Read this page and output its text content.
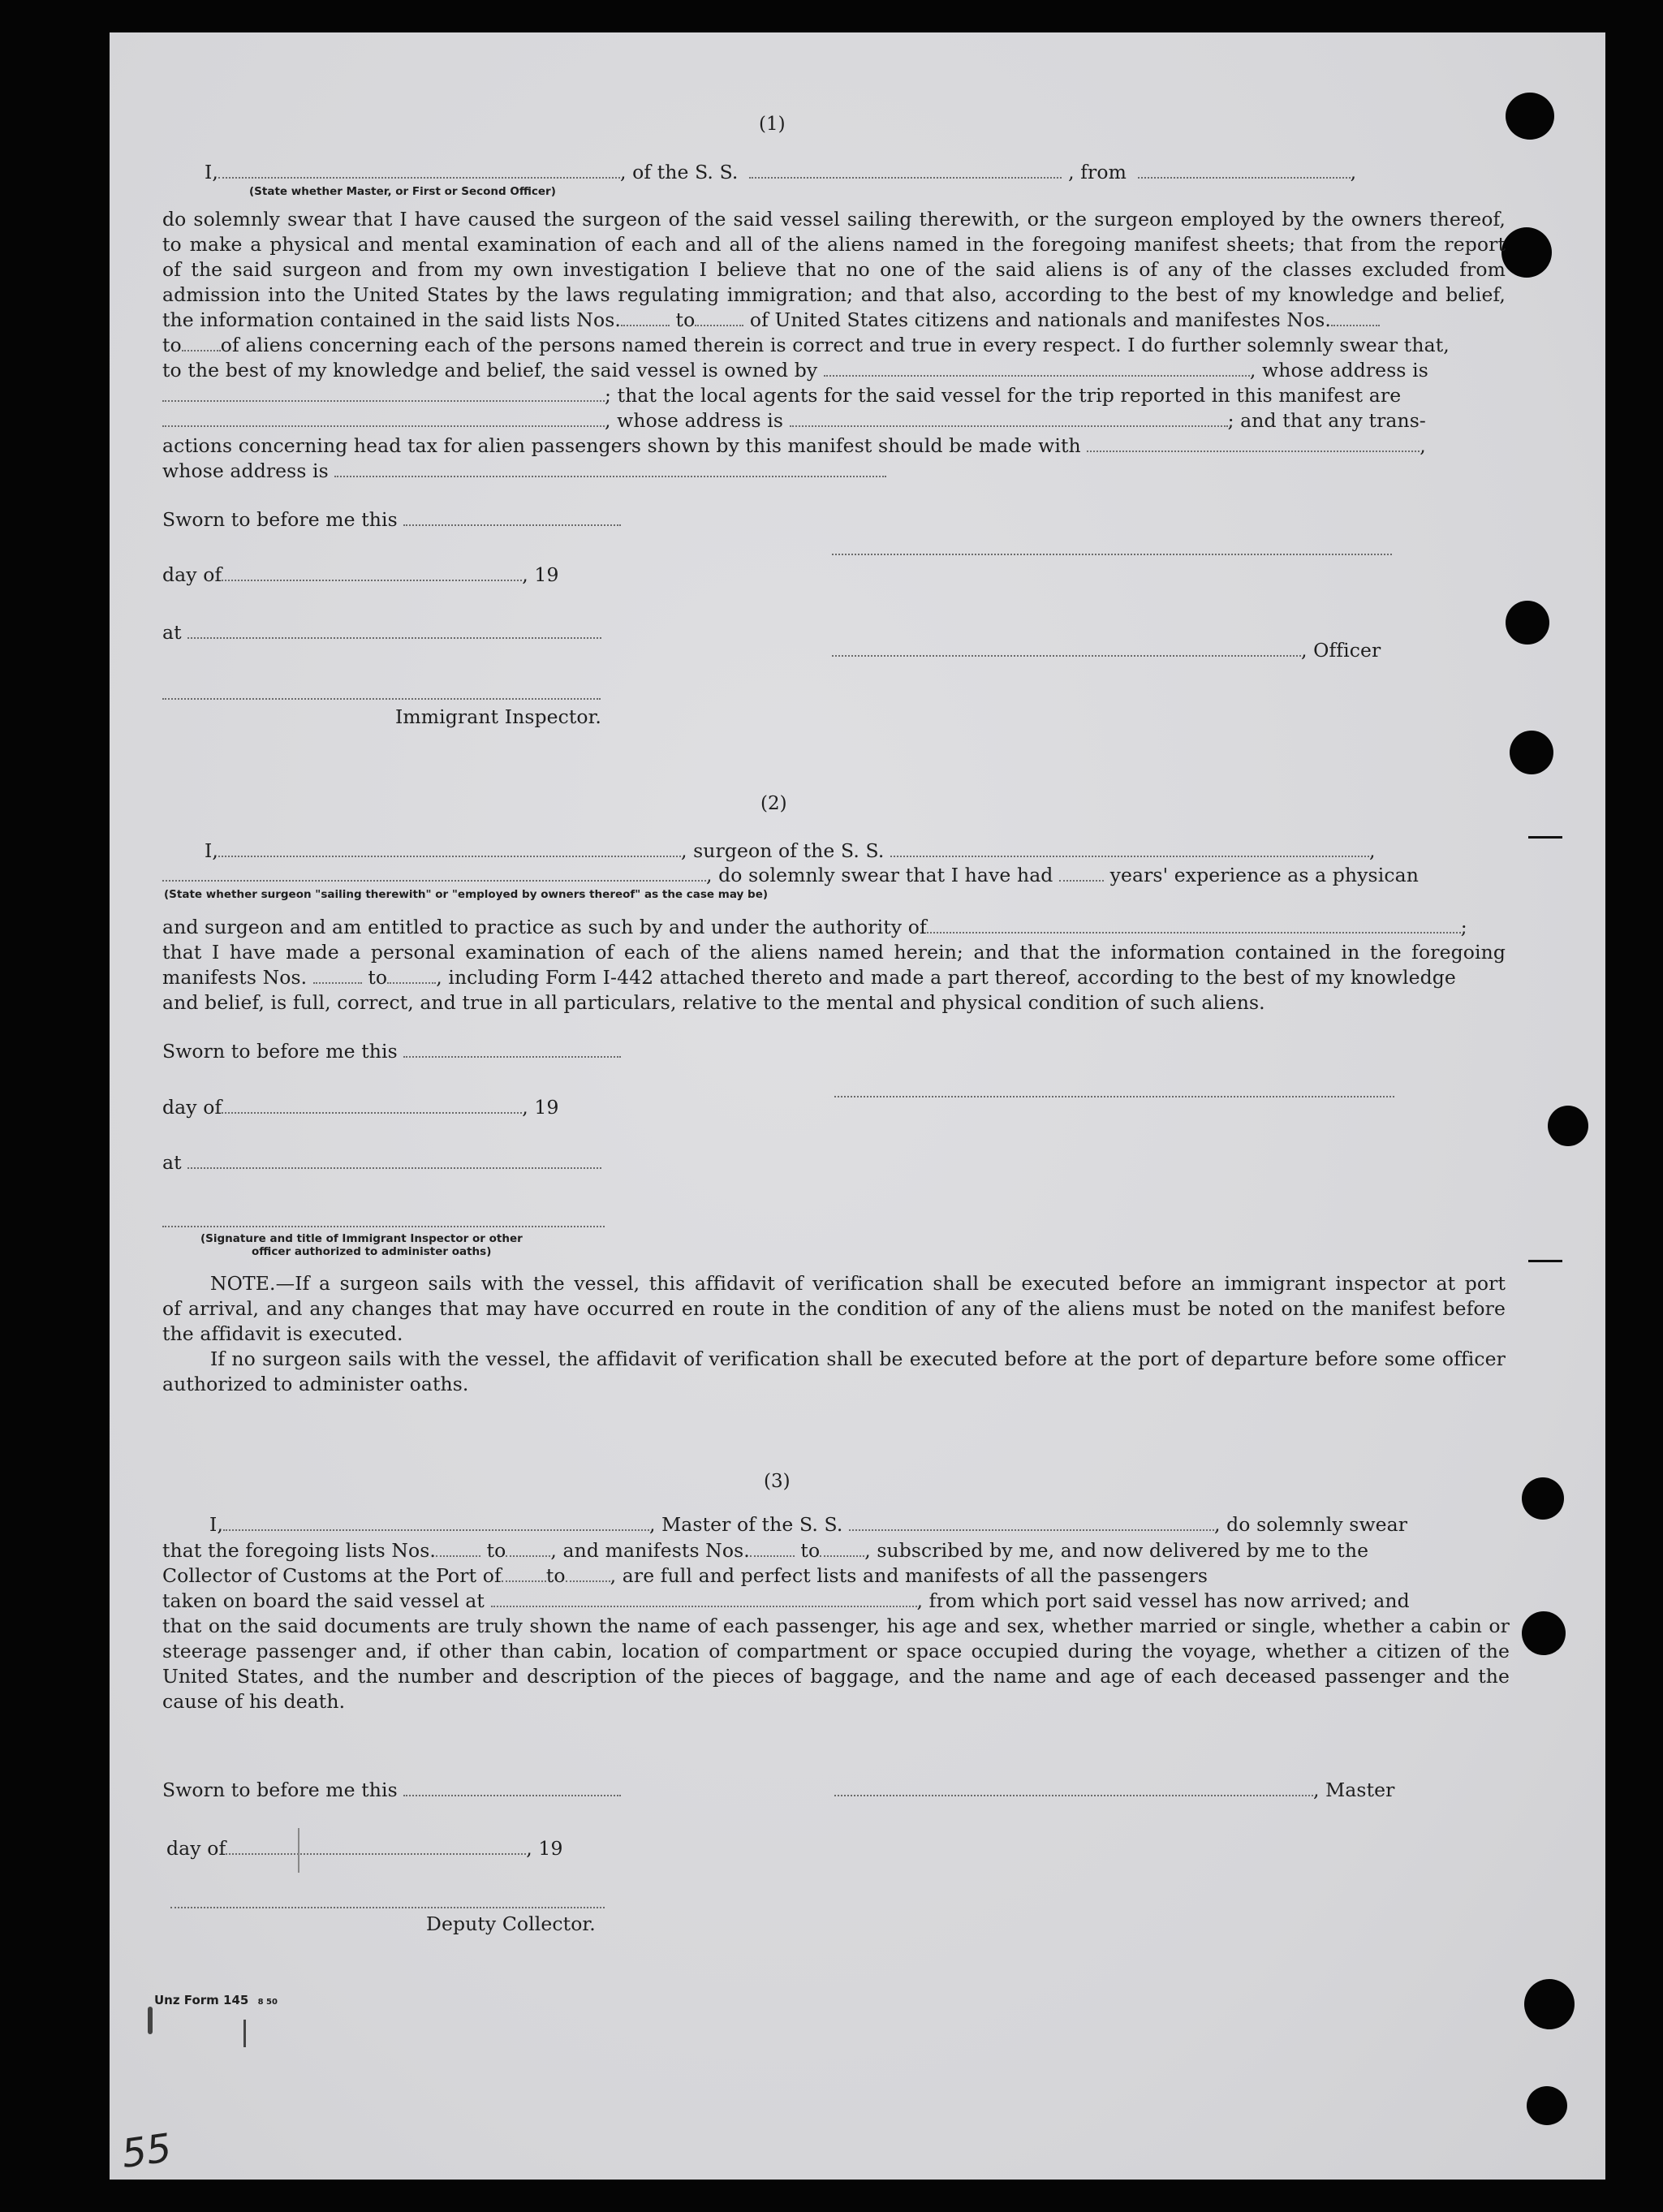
(1)
I,	, of the S. S.	, from	,
(State whether Master, or First or Second Officer)
do solemnly swear that I have caused the surgeon of the said vessel sailing therewith, or the surgeon employed by the owners thereof,
to make a physical and mental examination of each and all of the aliens named in the foregoing manifest sheets; that from the report
of the said surgeon and from my own investigation I believe that no one of the said aliens is of any of the classes excluded from
admission into the United States by the laws regulating immigration; and that also, according to the best of my knowledge and belief,
the information contained in the said lists Nos.	to	of United States citizens and nationals and manifestes Nos.
to of aliens concerning each of the persons named therein is correct and true in every respect. I do further solemnly swear that,
to the best of my knowledge and belief, the said vessel is owned by	, whose address is
; that the local agents for the said vessel for the trip reported in this manifest are
, whose address is	; and that any trans-
actions concerning head tax for alien passengers shown by this manifest should be made with	,
whose address is
Sworn to before me this
day of	, 19
at
, Officer
Immigrant Inspector.
(2)
I,	, surgeon of the S. S.	,
, do solemnly swear that I have had	years' experience as a physican
(State whether surgeon "sailing therewith" or "employed by owners thereof" as the case may be)
and surgeon and am entitled to practice as such by and under the authority of	;
that I have made a personal examination of each of the aliens named herein; and that the information contained in the foregoing
manifests Nos.	to	, including Form I-442 attached thereto and made a part thereof, according to the best of my knowledge
and belief, is full, correct, and true in all particulars, relative to the mental and physical condition of such aliens.
Sworn to before me this
day of	, 19
at
(Signature and title of Immigrant Inspector or other
officer authorized to administer oaths)
NOTE.—If a surgeon sails with the vessel, this affidavit of verification shall be executed before an immigrant inspector at port
of arrival, and any changes that may have occurred en route in the condition of any of the aliens must be noted on the manifest before
the affidavit is executed.
If no surgeon sails with the vessel, the affidavit of verification shall be executed before at the port of departure before some officer
authorized to administer oaths.
(3)
I,	, Master of the S. S.	, do solemnly swear
that the foregoing lists Nos.	to , and manifests Nos.	to , subscribed by me, and now delivered by me to the
Collector of Customs at the Port of to , are full and perfect lists and manifests of all the passengers
taken on board the said vessel at	, from which port said vessel has now arrived; and
that on the said documents are truly shown the name of each passenger, his age and sex, whether married or single, whether a cabin or
steerage passenger and, if other than cabin, location of compartment or space occupied during the voyage, whether a citizen of the
United States, and the number and description of the pieces of baggage, and the name and age of each deceased passenger and the
cause of his death.
Sworn to before me this	, Master
day of	, 19
Deputy Collector.
Unz Form 145 8 50
55
